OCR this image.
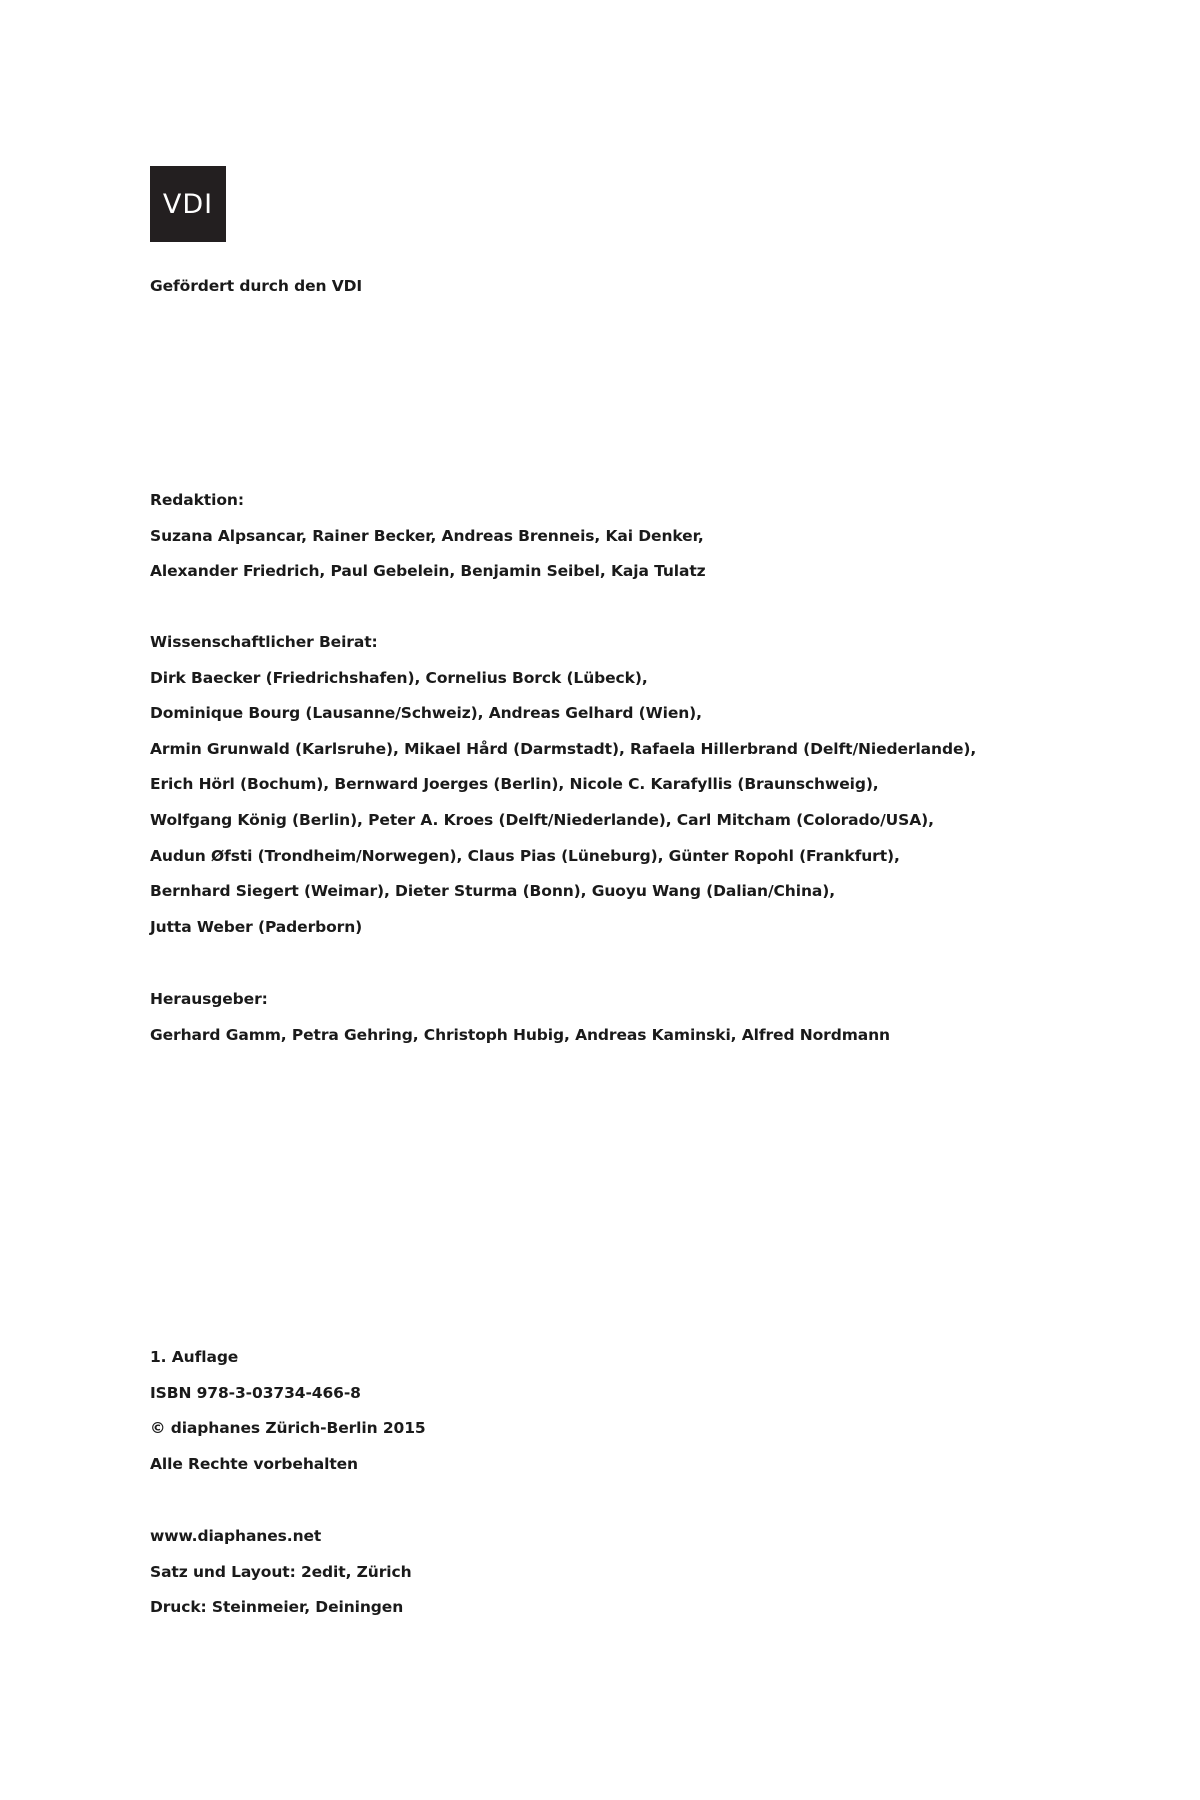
VDI
Gefördert durch den VDI
Redaktion:
Suzana Alpsancar, Rainer Becker, Andreas Brenneis, Kai Denker,
Alexander Friedrich, Paul Gebelein, Benjamin Seibel, Kaja Tulatz
Wissenschaftlicher Beirat:
Dirk Baecker (Friedrichshafen), Cornelius Borck (Lübeck),
Dominique Bourg (Lausanne/Schweiz), Andreas Gelhard (Wien),
Armin Grunwald (Karlsruhe), Mikael Hård (Darmstadt), Rafaela Hillerbrand (Delft/Niederlande),
Erich Hörl (Bochum), Bernward Joerges (Berlin), Nicole C. Karafyllis (Braunschweig),
Wolfgang König (Berlin), Peter A. Kroes (Delft/Niederlande), Carl Mitcham (Colorado/USA),
Audun Øfsti (Trondheim/Norwegen), Claus Pias (Lüneburg), Günter Ropohl (Frankfurt),
Bernhard Siegert (Weimar), Dieter Sturma (Bonn), Guoyu Wang (Dalian/China),
Jutta Weber (Paderborn)
Herausgeber:
Gerhard Gamm, Petra Gehring, Christoph Hubig, Andreas Kaminski, Alfred Nordmann
1. Auflage
ISBN 978-3-03734-466-8
© diaphanes Zürich-Berlin 2015
Alle Rechte vorbehalten
www.diaphanes.net
Satz und Layout: 2edit, Zürich
Druck: Steinmeier, Deiningen
